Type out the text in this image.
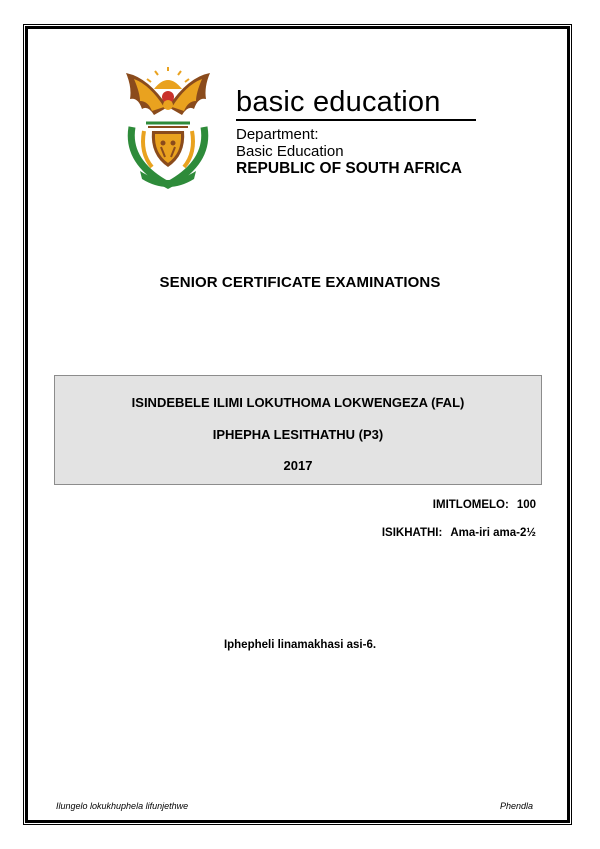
basic education
Department:
Basic Education
REPUBLIC OF SOUTH AFRICA
SENIOR CERTIFICATE EXAMINATIONS
ISINDEBELE ILIMI LOKUTHOMA LOKWENGEZA (FAL)
IPHEPHA LESITHATHU (P3)
2017
IMITLOMELO: 100
ISIKHATHI: Ama-iri ama-2½
Iphepheli linamakhasi asi-6.
Ilungelo lokukhuphela lifunjethwe	Phendla
